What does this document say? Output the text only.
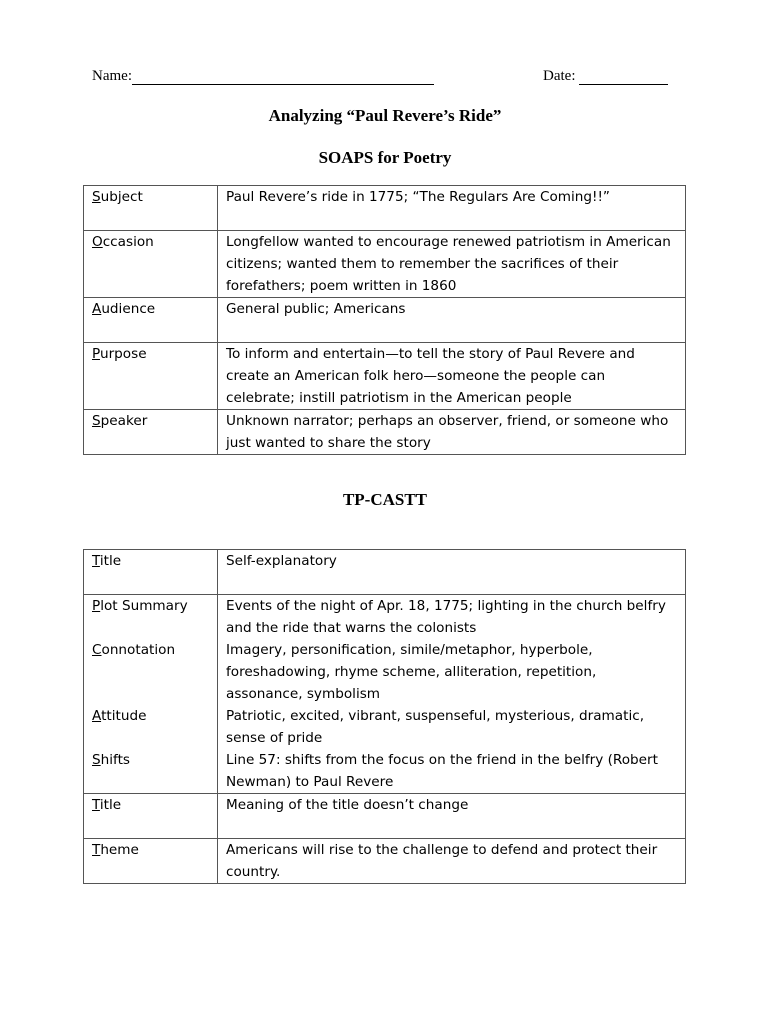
Name:	Date:
Analyzing “Paul Revere’s Ride”
SOAPS for Poetry
Subject	Paul Revere’s ride in 1775; “The Regulars Are Coming!!”
Occasion	Longfellow wanted to encourage renewed patriotism in American citizens; wanted them to remember the sacrifices of their forefathers; poem written in 1860
Audience	General public; Americans
Purpose	To inform and entertain—to tell the story of Paul Revere and create an American folk hero—someone the people can celebrate; instill patriotism in the American people
Speaker	Unknown narrator; perhaps an observer, friend, or someone who just wanted to share the story
TP-CASTT
Title	Self-explanatory
Plot Summary	Events of the night of Apr. 18, 1775; lighting in the church belfry and the ride that warns the colonists
Connotation	Imagery, personification, simile/metaphor, hyperbole, foreshadowing, rhyme scheme, alliteration, repetition, assonance, symbolism
Attitude	Patriotic, excited, vibrant, suspenseful, mysterious, dramatic, sense of pride
Shifts	Line 57: shifts from the focus on the friend in the belfry (Robert Newman) to Paul Revere
Title	Meaning of the title doesn’t change
Theme	Americans will rise to the challenge to defend and protect their country.
